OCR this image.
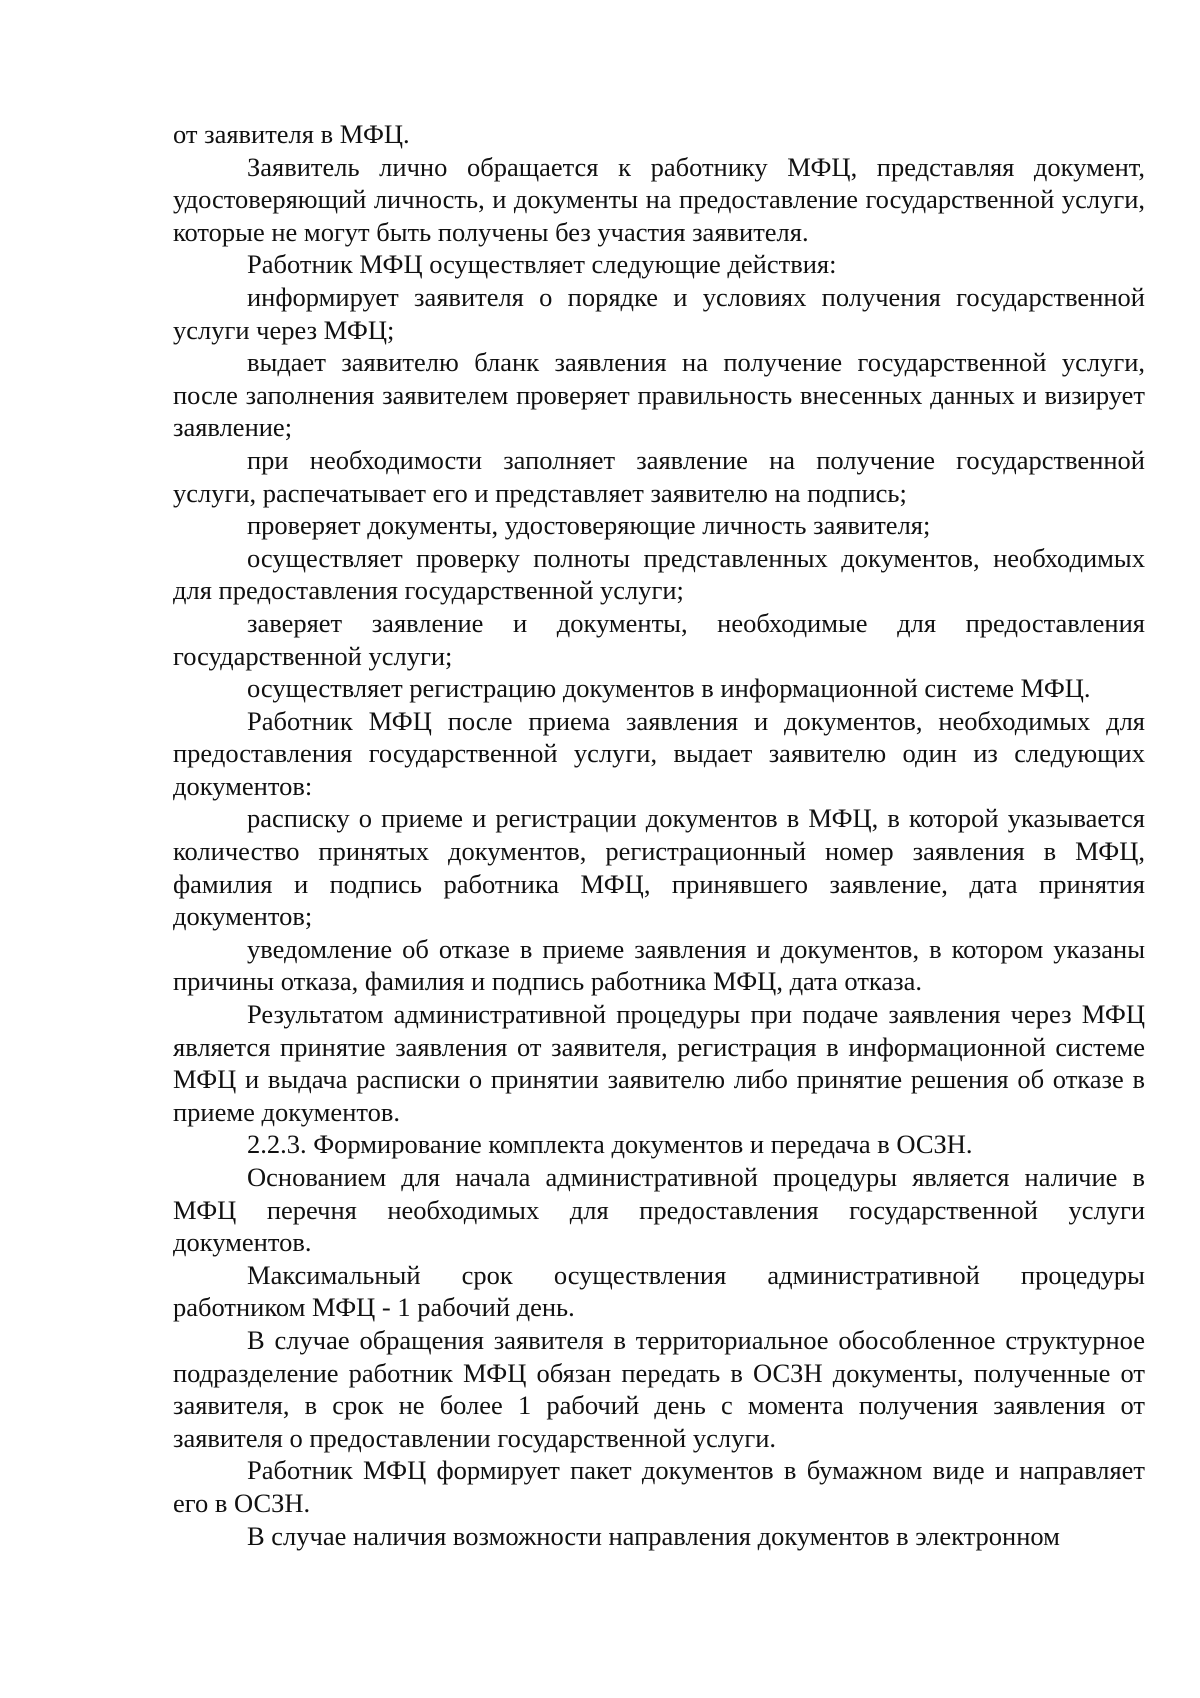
от заявителя в МФЦ.

Заявитель лично обращается к работнику МФЦ, представляя документ, удостоверяющий личность, и документы на предоставление государственной услуги, которые не могут быть получены без участия заявителя.

Работник МФЦ осуществляет следующие действия:

информирует заявителя о порядке и условиях получения государственной услуги через МФЦ;

выдает заявителю бланк заявления на получение государственной услуги, после заполнения заявителем проверяет правильность внесенных данных и визирует заявление;

при необходимости заполняет заявление на получение государственной услуги, распечатывает его и представляет заявителю на подпись;

проверяет документы, удостоверяющие личность заявителя;

осуществляет проверку полноты представленных документов, необходимых для предоставления государственной услуги;

заверяет заявление и документы, необходимые для предоставления государственной услуги;

осуществляет регистрацию документов в информационной системе МФЦ.

Работник МФЦ после приема заявления и документов, необходимых для предоставления государственной услуги, выдает заявителю один из следующих документов:

расписку о приеме и регистрации документов в МФЦ, в которой указывается количество принятых документов, регистрационный номер заявления в МФЦ, фамилия и подпись работника МФЦ, принявшего заявление, дата принятия документов;

уведомление об отказе в приеме заявления и документов, в котором указаны причины отказа, фамилия и подпись работника МФЦ, дата отказа.

Результатом административной процедуры при подаче заявления через МФЦ является принятие заявления от заявителя, регистрация в информационной системе МФЦ и выдача расписки о принятии заявителю либо принятие решения об отказе в приеме документов.

2.2.3. Формирование комплекта документов и передача в ОСЗН.

Основанием для начала административной процедуры является наличие в МФЦ перечня необходимых для предоставления государственной услуги документов.

Максимальный срок осуществления административной процедуры работником МФЦ - 1 рабочий день.

В случае обращения заявителя в территориальное обособленное структурное подразделение работник МФЦ обязан передать в ОСЗН документы, полученные от заявителя, в срок не более 1 рабочий день с момента получения заявления от заявителя о предоставлении государственной услуги.

Работник МФЦ формирует пакет документов в бумажном виде и направляет его в ОСЗН.

В случае наличия возможности направления документов в электронном
